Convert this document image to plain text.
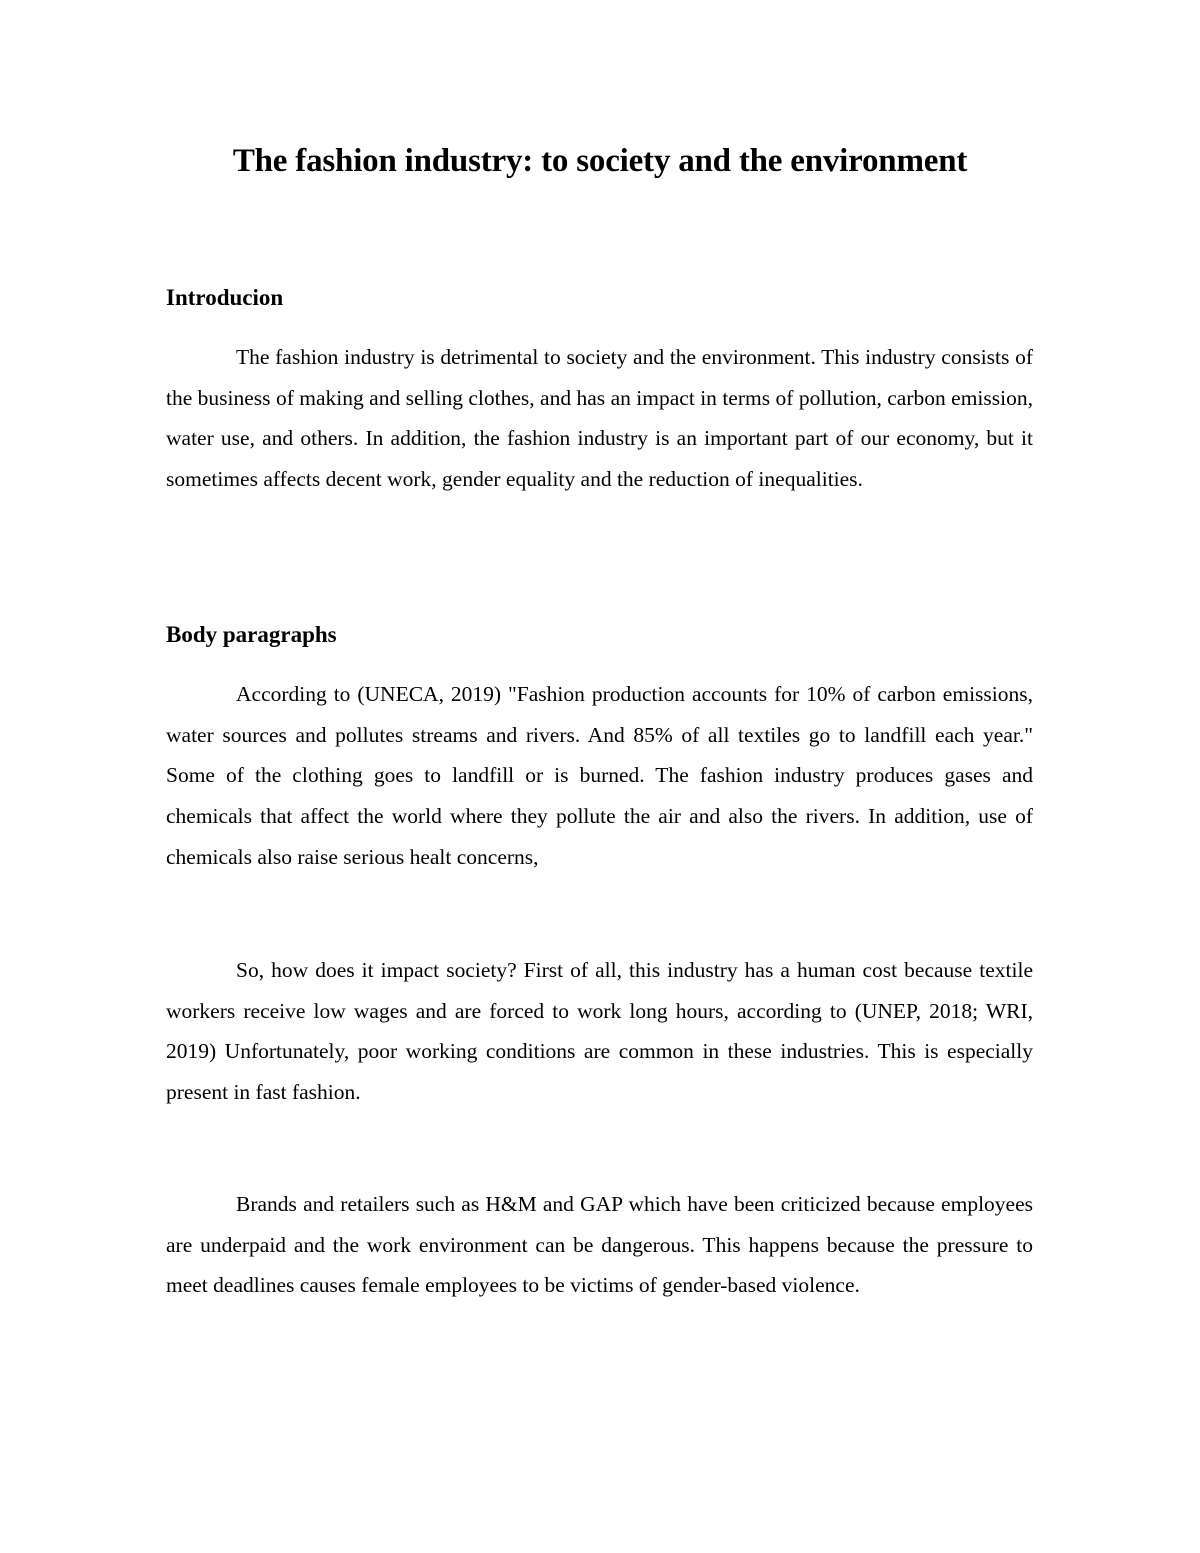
The fashion industry: to society and the environment
Introducion

The fashion industry is detrimental to society and the environment. This industry consists of the business of making and selling clothes, and has an impact in terms of pollution, carbon emission, water use, and others. In addition, the fashion industry is an important part of our economy, but it sometimes affects decent work, gender equality and the reduction of inequalities.

Body paragraphs

According to (UNECA, 2019) "Fashion production accounts for 10% of carbon emissions, water sources and pollutes streams and rivers. And 85% of all textiles go to landfill each year." Some of the clothing goes to landfill or is burned. The fashion industry produces gases and chemicals that affect the world where they pollute the air and also the rivers. In addition, use of chemicals also raise serious healt concerns,

So, how does it impact society? First of all, this industry has a human cost because textile workers receive low wages and are forced to work long hours, according to (UNEP, 2018; WRI, 2019) Unfortunately, poor working conditions are common in these industries. This is especially present in fast fashion.

Brands and retailers such as H&M and GAP which have been criticized because employees are underpaid and the work environment can be dangerous. This happens because the pressure to meet deadlines causes female employees to be victims of gender-based violence.
